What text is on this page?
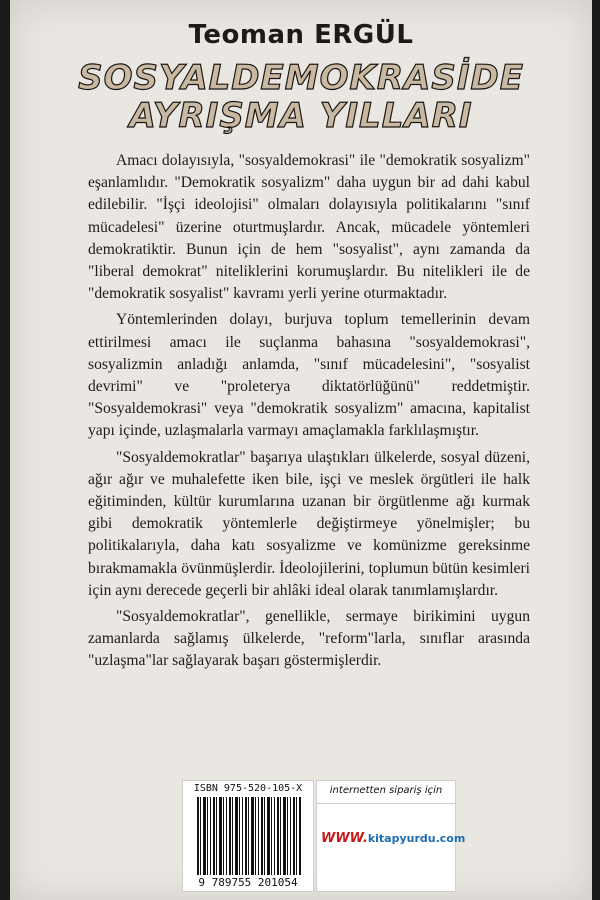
Teoman ERGÜL
SOSYALDEMOKRASİDE
AYRIŞMA YILLARI

Amacı dolayısıyla, "sosyaldemokrasi" ile "demokratik sosyalizm" eşanlamlıdır. "Demokratik sosyalizm" daha uygun bir ad dahi kabul edilebilir. "İşçi ideolojisi" olmaları dolayısıyla politikalarını "sınıf mücadelesi" üzerine oturtmuşlardır. Ancak, mücadele yöntemleri demokratiktir. Bunun için de hem "sosyalist", aynı zamanda da "liberal demokrat" niteliklerini korumuşlardır. Bu nitelikleri ile de "demokratik sosyalist" kavramı yerli yerine oturmaktadır.

Yöntemlerinden dolayı, burjuva toplum temellerinin devam ettirilmesi amacı ile suçlanma bahasına "sosyaldemokrasi", sosyalizmin anladığı anlamda, "sınıf mücadelesini", "sosyalist devrimi" ve "proleterya diktatörlüğünü" reddetmiştir. "Sosyaldemokrasi" veya "demokratik sosyalizm" amacına, kapitalist yapı içinde, uzlaşmalarla varmayı amaçlamakla farklılaşmıştır.

"Sosyaldemokratlar" başarıya ulaştıkları ülkelerde, sosyal düzeni, ağır ağır ve muhalefette iken bile, işçi ve meslek örgütleri ile halk eğitiminden, kültür kurumlarına uzanan bir örgütlenme ağı kurmak gibi demokratik yöntemlerle değiştirmeye yönelmişler; bu politikalarıyla, daha katı sosyalizme ve komünizme gereksinme bırakmamakla övünmüşlerdir. İdeolojilerini, toplumun bütün kesimleri için aynı derecede geçerli bir ahlâki ideal olarak tanımlamışlardır.

"Sosyaldemokratlar", genellikle, sermaye birikimini uygun zamanlarda sağlamış ülkelerde, "reform"larla, sınıflar arasında "uzlaşma"lar sağlayarak başarı göstermişlerdir.

ISBN 975-520-105-X
9 789755 201054
internetten sipariş için
WWW.kitapyurdu.com
